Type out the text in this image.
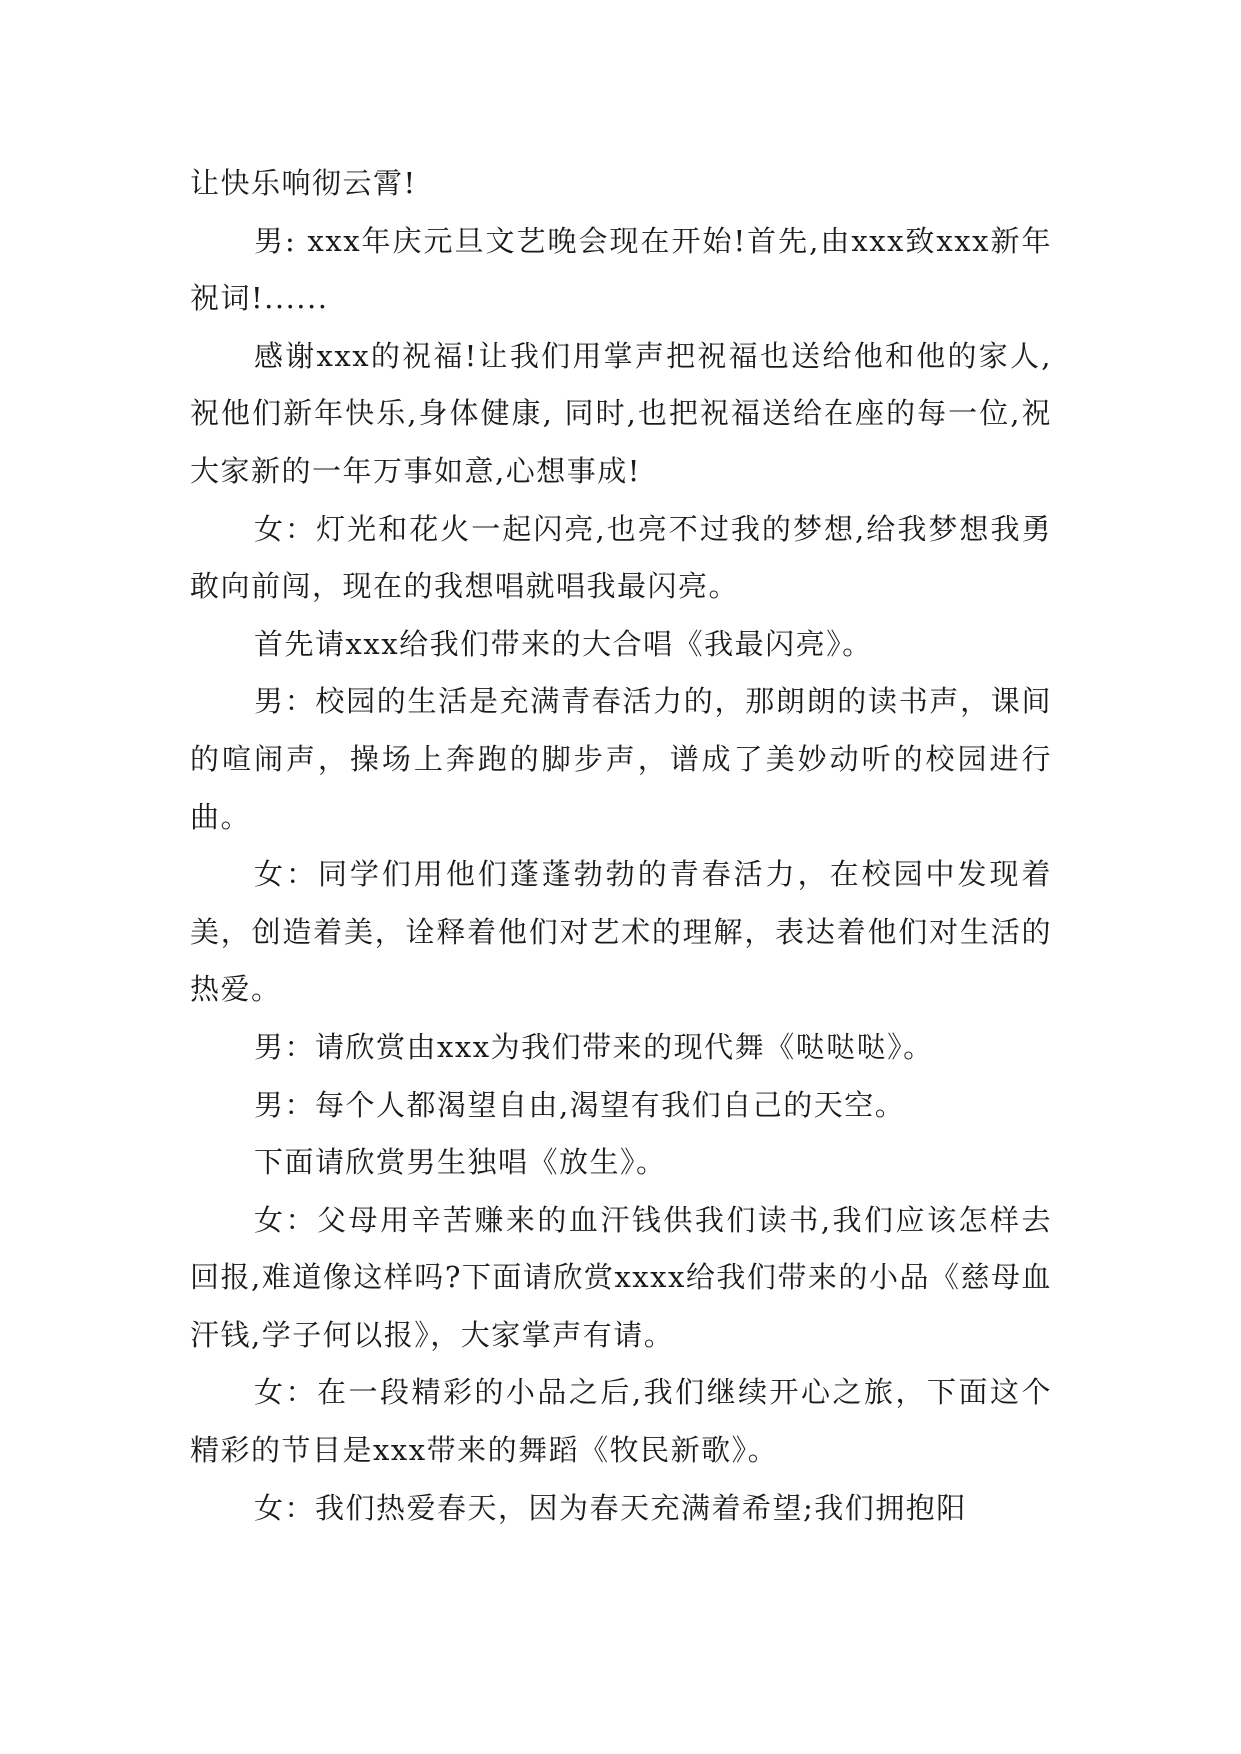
让快乐响彻云霄!

男: xxx年庆元旦文艺晚会现在开始!首先,由xxx致xxx新年祝词!......

感谢xxx的祝福!让我们用掌声把祝福也送给他和他的家人,祝他们新年快乐,身体健康, 同时,也把祝福送给在座的每一位,祝大家新的一年万事如意,心想事成!

女：灯光和花火一起闪亮,也亮不过我的梦想,给我梦想我勇敢向前闯，现在的我想唱就唱我最闪亮。

首先请xxx给我们带来的大合唱《我最闪亮》。

男：校园的生活是充满青春活力的，那朗朗的读书声，课间的喧闹声，操场上奔跑的脚步声，谱成了美妙动听的校园进行曲。

女：同学们用他们蓬蓬勃勃的青春活力，在校园中发现着美，创造着美，诠释着他们对艺术的理解，表达着他们对生活的热爱。

男：请欣赏由xxx为我们带来的现代舞《哒哒哒》。

男：每个人都渴望自由,渴望有我们自己的天空。

下面请欣赏男生独唱《放生》。

女：父母用辛苦赚来的血汗钱供我们读书,我们应该怎样去回报,难道像这样吗?下面请欣赏xxxx给我们带来的小品《慈母血汗钱,学子何以报》，大家掌声有请。

女：在一段精彩的小品之后,我们继续开心之旅，下面这个精彩的节目是xxx带来的舞蹈《牧民新歌》。

女：我们热爱春天，因为春天充满着希望;我们拥抱阳
